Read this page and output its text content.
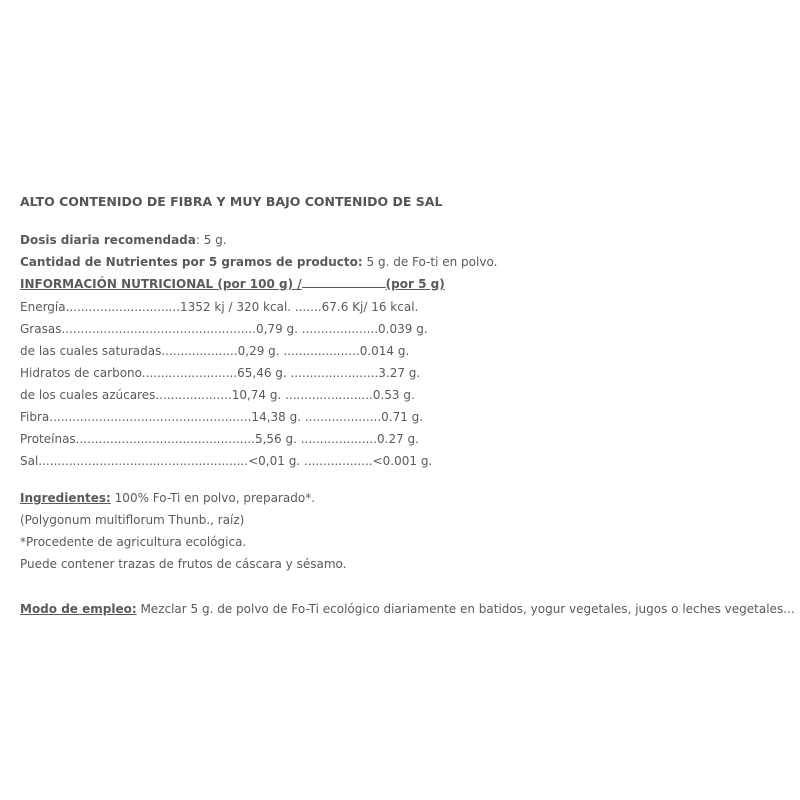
ALTO CONTENIDO DE FIBRA Y MUY BAJO CONTENIDO DE SAL
Dosis diaria recomendada: 5 g.
Cantidad de Nutrientes por 5 gramos de producto: 5 g. de Fo-ti en polvo.
INFORMACIÓN NUTRICIONAL (por 100 g) /	(por 5 g)
Energía..............................1352 kj / 320 kcal. .......67.6 Kj/ 16 kcal.
Grasas...................................................0,79 g. ....................0.039 g.
de las cuales saturadas....................0,29 g. ....................0.014 g.
Hidratos de carbono.........................65,46 g. .......................3.27 g.
de los cuales azúcares....................10,74 g. .......................0.53 g.
Fibra.....................................................14,38 g. ....................0.71 g.
Proteínas...............................................5,56 g. ....................0.27 g.
Sal.......................................................<0,01 g. ..................<0.001 g.
Ingredientes: 100% Fo-Ti en polvo, preparado*.
(Polygonum multiflorum Thunb., raíz)
*Procedente de agricultura ecológica.
Puede contener trazas de frutos de cáscara y sésamo.
Modo de empleo: Mezclar 5 g. de polvo de Fo-Ti ecológico diariamente en batidos, yogur vegetales, jugos o leches vegetales...
